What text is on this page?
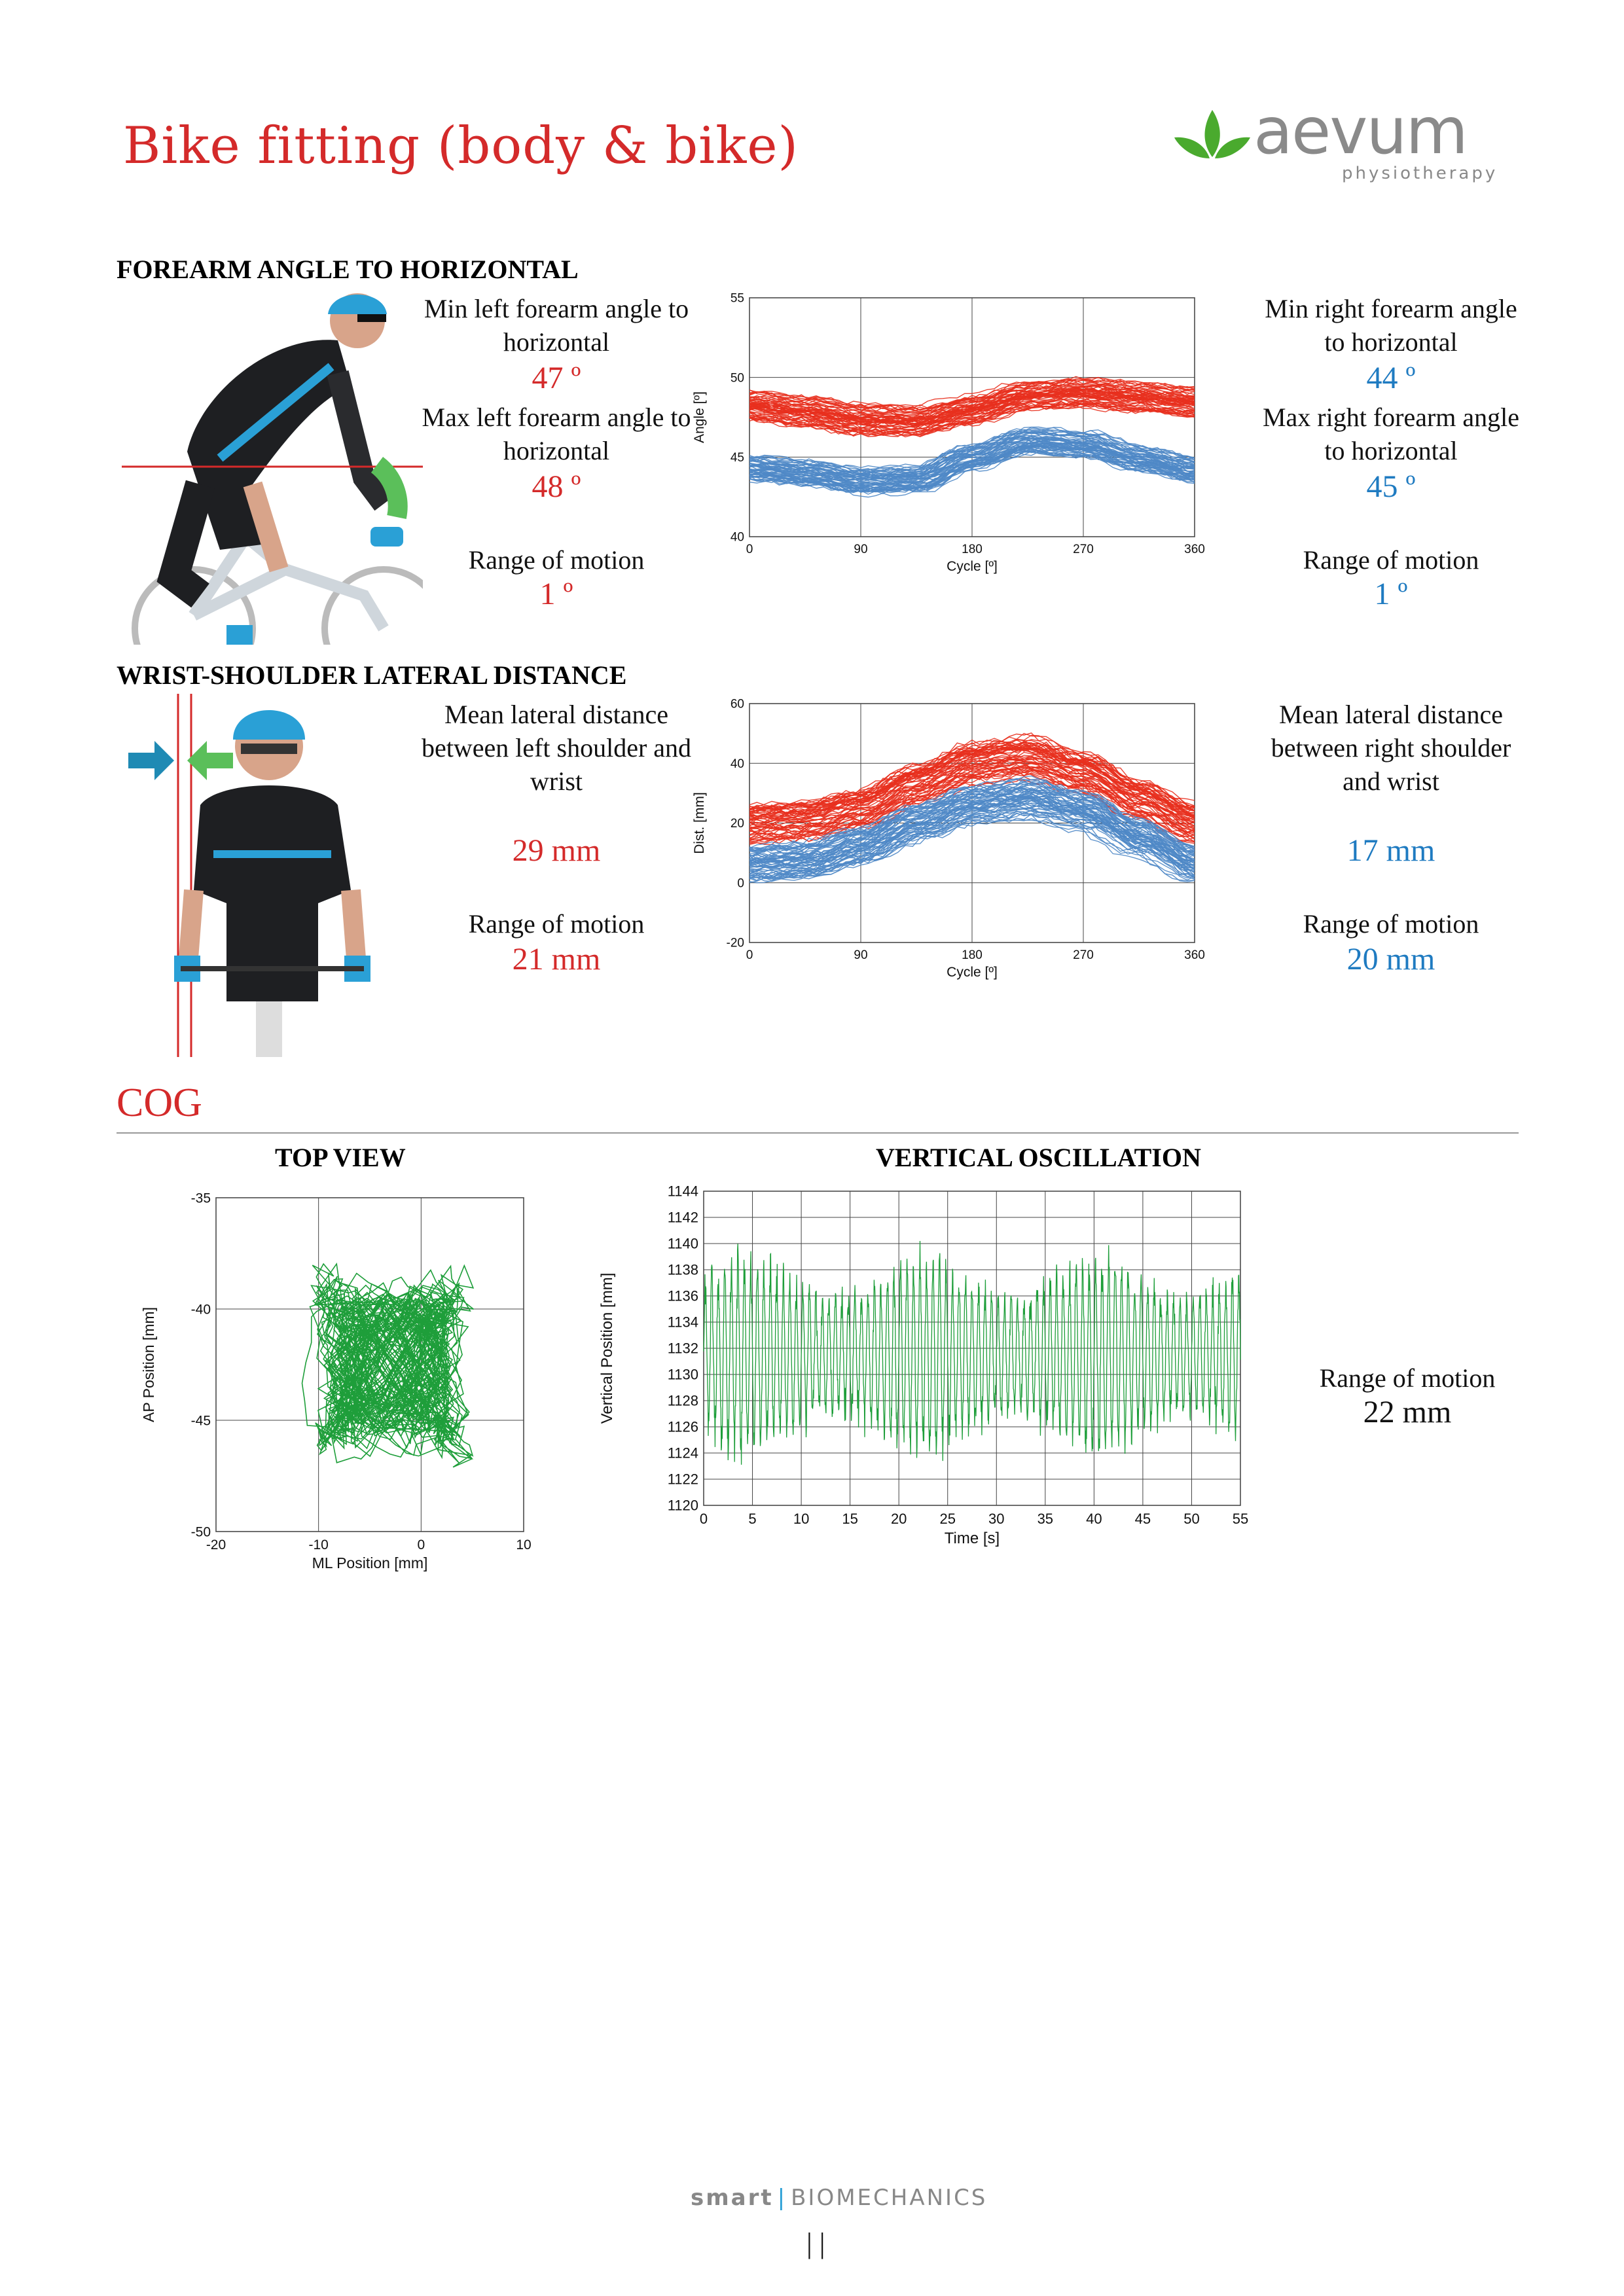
Bike fitting (body & bike)	aevum
physiotherapy
FOREARM ANGLE TO HORIZONTAL
Min left forearm angle to horizontal
47 º
Max left forearm angle to horizontal
48 º
Range of motion
1 º
0	90	180	270	360
40
45
50
55
Cycle [º]
Angle [º]
Min right forearm angle to horizontal
44 º
Max right forearm angle to horizontal
45 º
Range of motion
1 º
WRIST-SHOULDER LATERAL DISTANCE
Mean lateral distance between left shoulder and wrist
29 mm
Range of motion
21 mm	0	90	180	270	360
-20
0
20
40
60
Cycle [º]
Dist. [mm]
Mean lateral distance between right shoulder and wrist
17 mm
Range of motion
20 mm
COG
TOP VIEW	VERTICAL OSCILLATION
-20	-10	0	10
-50
-45
-40
-35
ML Position [mm]
AP Position [mm]
0	5	10 15 20 25 30 35 40 45 50 55
1120
1122
1124
1126
1128
1130
1132
1134
1136
1138
1140
1142
1144
Time [s]
Vertical Position [mm]	Range of motion
22 mm
smart | BIOMECHANICS
| |
